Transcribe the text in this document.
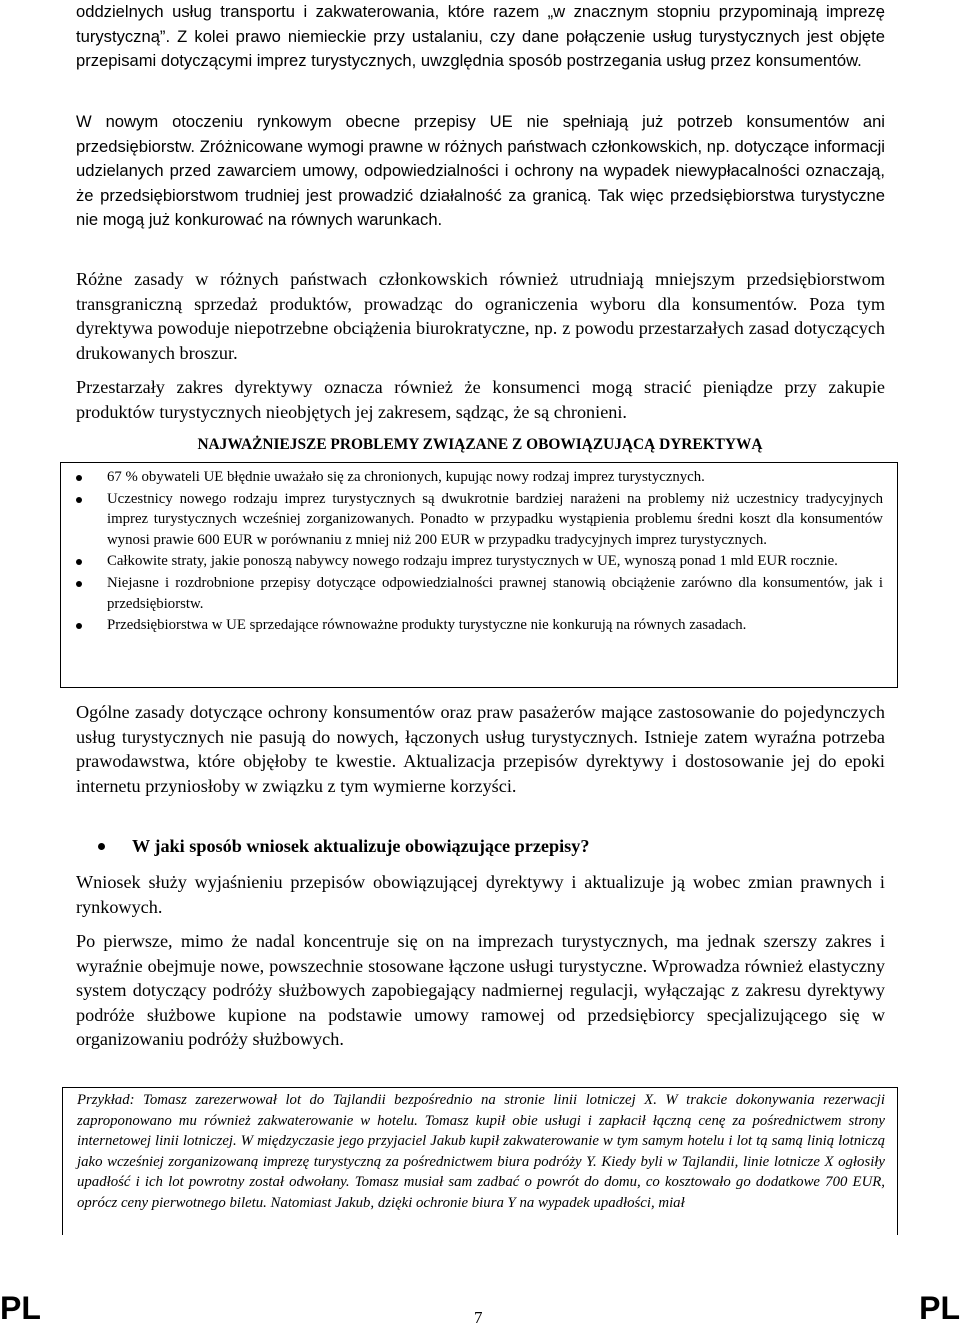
oddzielnych usług transportu i zakwaterowania, które razem „w znacznym stopniu przypominają imprezę turystyczną”. Z kolei prawo niemieckie przy ustalaniu, czy dane połączenie usług turystycznych jest objęte przepisami dotyczącymi imprez turystycznych, uwzględnia sposób postrzegania usług przez konsumentów.

W nowym otoczeniu rynkowym obecne przepisy UE nie spełniają już potrzeb konsumentów ani przedsiębiorstw. Zróżnicowane wymogi prawne w różnych państwach członkowskich, np. dotyczące informacji udzielanych przed zawarciem umowy, odpowiedzialności i ochrony na wypadek niewypłacalności oznaczają, że przedsiębiorstwom trudniej jest prowadzić działalność za granicą. Tak więc przedsiębiorstwa turystyczne nie mogą już konkurować na równych warunkach.

Różne zasady w różnych państwach członkowskich również utrudniają mniejszym przedsiębiorstwom transgraniczną sprzedaż produktów, prowadząc do ograniczenia wyboru dla konsumentów. Poza tym dyrektywa powoduje niepotrzebne obciążenia biurokratyczne, np. z powodu przestarzałych zasad dotyczących drukowanych broszur.

Przestarzały zakres dyrektywy oznacza również że konsumenci mogą stracić pieniądze przy zakupie produktów turystycznych nieobjętych jej zakresem, sądząc, że są chronieni.

NAJWAŻNIEJSZE PROBLEMY ZWIĄZANE Z OBOWIĄZUJĄCĄ DYREKTYWĄ
67 % obywateli UE błędnie uważało się za chronionych, kupując nowy rodzaj imprez turystycznych.
Uczestnicy nowego rodzaju imprez turystycznych są dwukrotnie bardziej narażeni na problemy niż uczestnicy tradycyjnych imprez turystycznych wcześniej zorganizowanych. Ponadto w przypadku wystąpienia problemu średni koszt dla konsumentów wynosi prawie 600 EUR w porównaniu z mniej niż 200 EUR w przypadku tradycyjnych imprez turystycznych.
Całkowite straty, jakie ponoszą nabywcy nowego rodzaju imprez turystycznych w UE, wynoszą ponad 1 mld EUR rocznie.
Niejasne i rozdrobnione przepisy dotyczące odpowiedzialności prawnej stanowią obciążenie zarówno dla konsumentów, jak i przedsiębiorstw.
Przedsiębiorstwa w UE sprzedające równoważne produkty turystyczne nie konkurują na równych zasadach.

Ogólne zasady dotyczące ochrony konsumentów oraz praw pasażerów mające zastosowanie do pojedynczych usług turystycznych nie pasują do nowych, łączonych usług turystycznych. Istnieje zatem wyraźna potrzeba prawodawstwa, które objęłoby te kwestie. Aktualizacja przepisów dyrektywy i dostosowanie jej do epoki internetu przyniosłoby w związku z tym wymierne korzyści.

W jaki sposób wniosek aktualizuje obowiązujące przepisy?

Wniosek służy wyjaśnieniu przepisów obowiązującej dyrektywy i aktualizuje ją wobec zmian prawnych i rynkowych.

Po pierwsze, mimo że nadal koncentruje się on na imprezach turystycznych, ma jednak szerszy zakres i wyraźnie obejmuje nowe, powszechnie stosowane łączone usługi turystyczne. Wprowadza również elastyczny system dotyczący podróży służbowych zapobiegający nadmiernej regulacji, wyłączając z zakresu dyrektywy podróże służbowe kupione na podstawie umowy ramowej od przedsiębiorcy specjalizującego się w organizowaniu podróży służbowych.

Przykład: Tomasz zarezerwował lot do Tajlandii bezpośrednio na stronie linii lotniczej X. W trakcie dokonywania rezerwacji zaproponowano mu również zakwaterowanie w hotelu. Tomasz kupił obie usługi i zapłacił łączną cenę za pośrednictwem strony internetowej linii lotniczej. W międzyczasie jego przyjaciel Jakub kupił zakwaterowanie w tym samym hotelu i lot tą samą linią lotniczą jako wcześniej zorganizowaną imprezę turystyczną za pośrednictwem biura podróży Y. Kiedy byli w Tajlandii, linie lotnicze X ogłosiły upadłość i ich lot powrotny został odwołany. Tomasz musiał sam zadbać o powrót do domu, co kosztowało go dodatkowe 700 EUR, oprócz ceny pierwotnego biletu. Natomiast Jakub, dzięki ochronie biura Y na wypadek upadłości, miał

PL	7	PL
